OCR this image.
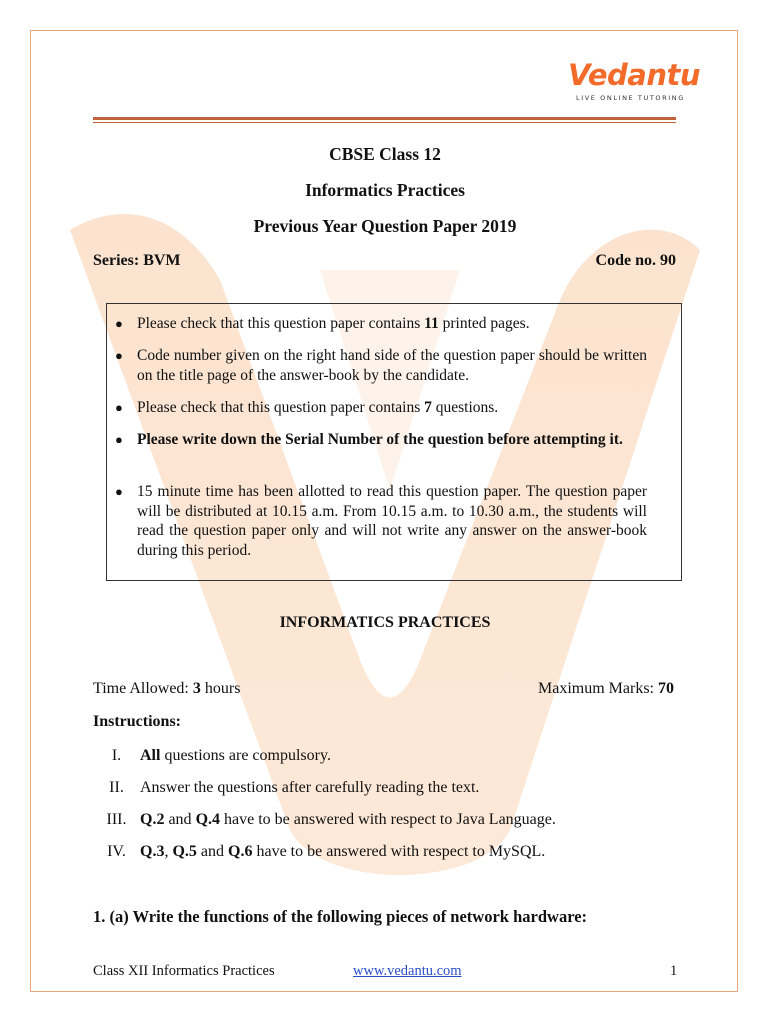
Vedantu
LIVE ONLINE TUTORING
CBSE Class 12
Informatics Practices
Previous Year Question Paper 2019
Series: BVM	Code no. 90
● Please check that this question paper contains 11 printed pages.
● Code number given on the right hand side of the question paper should be written on the title page of the answer-book by the candidate.
● Please check that this question paper contains 7 questions.
● Please write down the Serial Number of the question before attempting it.
● 15 minute time has been allotted to read this question paper. The question paper will be distributed at 10.15 a.m. From 10.15 a.m. to 10.30 a.m., the students will read the question paper only and will not write any answer on the answer-book during this period.
INFORMATICS PRACTICES
Time Allowed: 3 hours	Maximum Marks: 70
Instructions:
I. All questions are compulsory.
II. Answer the questions after carefully reading the text.
III. Q.2 and Q.4 have to be answered with respect to Java Language.
IV. Q.3, Q.5 and Q.6 have to be answered with respect to MySQL.
1. (a) Write the functions of the following pieces of network hardware:
Class XII Informatics Practices	www.vedantu.com	1
